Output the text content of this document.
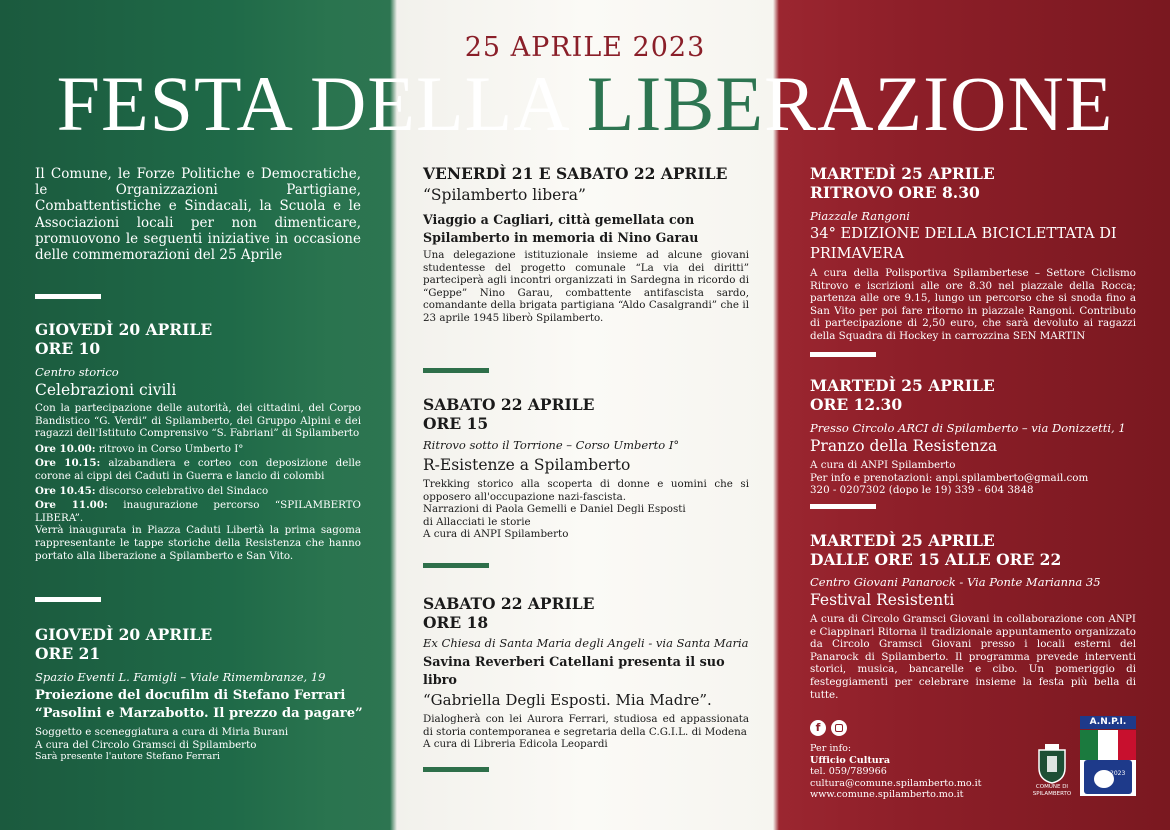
25 APRILE 2023
FESTA DELLA LIBERAZIONE
Il Comune, le Forze Politiche e Democratiche, le Organizzazioni Partigiane, Combattentistiche e Sindacali, la Scuola e le Associazioni locali per non dimenticare, promuovono le seguenti iniziative in occasione delle commemorazioni del 25 Aprile
GIOVEDÌ 20 APRILE
ORE 10
Centro storico
Celebrazioni civili
Con la partecipazione delle autorità, dei cittadini, del Corpo Bandistico “G. Verdi” di Spilamberto, del Gruppo Alpini e dei ragazzi dell'Istituto Comprensivo “S. Fabriani” di Spilamberto
Ore 10.00: ritrovo in Corso Umberto I°
Ore 10.15: alzabandiera e corteo con deposizione delle corone ai cippi dei Caduti in Guerra e lancio di colombi
Ore 10.45: discorso celebrativo del Sindaco
Ore 11.00: inaugurazione percorso “SPILAMBERTO LIBERA”.
Verrà inaugurata in Piazza Caduti Libertà la prima sagoma rappresentante le tappe storiche della Resistenza che hanno portato alla liberazione a Spilamberto e San Vito.
GIOVEDÌ 20 APRILE
ORE 21
Spazio Eventi L. Famigli – Viale Rimembranze, 19
Proiezione del docufilm di Stefano Ferrari
“Pasolini e Marzabotto. Il prezzo da pagare”
Soggetto e sceneggiatura a cura di Miria Burani
A cura del Circolo Gramsci di Spilamberto
Sarà presente l'autore Stefano Ferrari
VENERDÌ 21 E SABATO 22 APRILE
“Spilamberto libera”
Viaggio a Cagliari, città gemellata con
Spilamberto in memoria di Nino Garau
Una delegazione istituzionale insieme ad alcune giovani studentesse del progetto comunale “La via dei diritti” parteciperà agli incontri organizzati in Sardegna in ricordo di “Geppe” Nino Garau, combattente antifascista sardo, comandante della brigata partigiana “Aldo Casalgrandi” che il 23 aprile 1945 liberò Spilamberto.
SABATO 22 APRILE
ORE 15
Ritrovo sotto il Torrione – Corso Umberto I°
R-Esistenze a Spilamberto
Trekking storico alla scoperta di donne e uomini che si opposero all'occupazione nazi-fascista.
Narrazioni di Paola Gemelli e Daniel Degli Esposti
di Allacciati le storie
A cura di ANPI Spilamberto
SABATO 22 APRILE
ORE 18
Ex Chiesa di Santa Maria degli Angeli - via Santa Maria
Savina Reverberi Catellani presenta il suo libro
“Gabriella Degli Esposti. Mia Madre”.
Dialogherà con lei Aurora Ferrari, studiosa ed appassionata di storia contemporanea e segretaria della C.G.I.L. di Modena
A cura di Libreria Edicola Leopardi
MARTEDÌ 25 APRILE
RITROVO ORE 8.30
Piazzale Rangoni
34° EDIZIONE DELLA BICICLETTATA DI
PRIMAVERA
A cura della Polisportiva Spilambertese – Settore Ciclismo Ritrovo e iscrizioni alle ore 8.30 nel piazzale della Rocca; partenza alle ore 9.15, lungo un percorso che si snoda fino a San Vito per poi fare ritorno in piazzale Rangoni. Contributo di partecipazione di 2,50 euro, che sarà devoluto ai ragazzi della Squadra di Hockey in carrozzina SEN MARTIN
MARTEDÌ 25 APRILE
ORE 12.30
Presso Circolo ARCI di Spilamberto – via Donizzetti, 1
Pranzo della Resistenza
A cura di ANPI Spilamberto
Per info e prenotazioni: anpi.spilamberto@gmail.com
320 - 0207302 (dopo le 19) 339 - 604 3848
MARTEDÌ 25 APRILE
DALLE ORE 15 ALLE ORE 22
Centro Giovani Panarock - Via Ponte Marianna 35
Festival Resistenti
A cura di Circolo Gramsci Giovani in collaborazione con ANPI e Ciappinari Ritorna il tradizionale appuntamento organizzato da Circolo Gramsci Giovani presso i locali esterni del Panarock di Spilamberto. Il programma prevede interventi storici, musica, bancarelle e cibo. Un pomeriggio di festeggiamenti per celebrare insieme la festa più bella di tutte.
f
Per info:
Ufficio Cultura
tel. 059/789966
cultura@comune.spilamberto.mo.it
www.comune.spilamberto.mo.it
COMUNE DI
SPILAMBERTO
A.N.P.I.
2023
